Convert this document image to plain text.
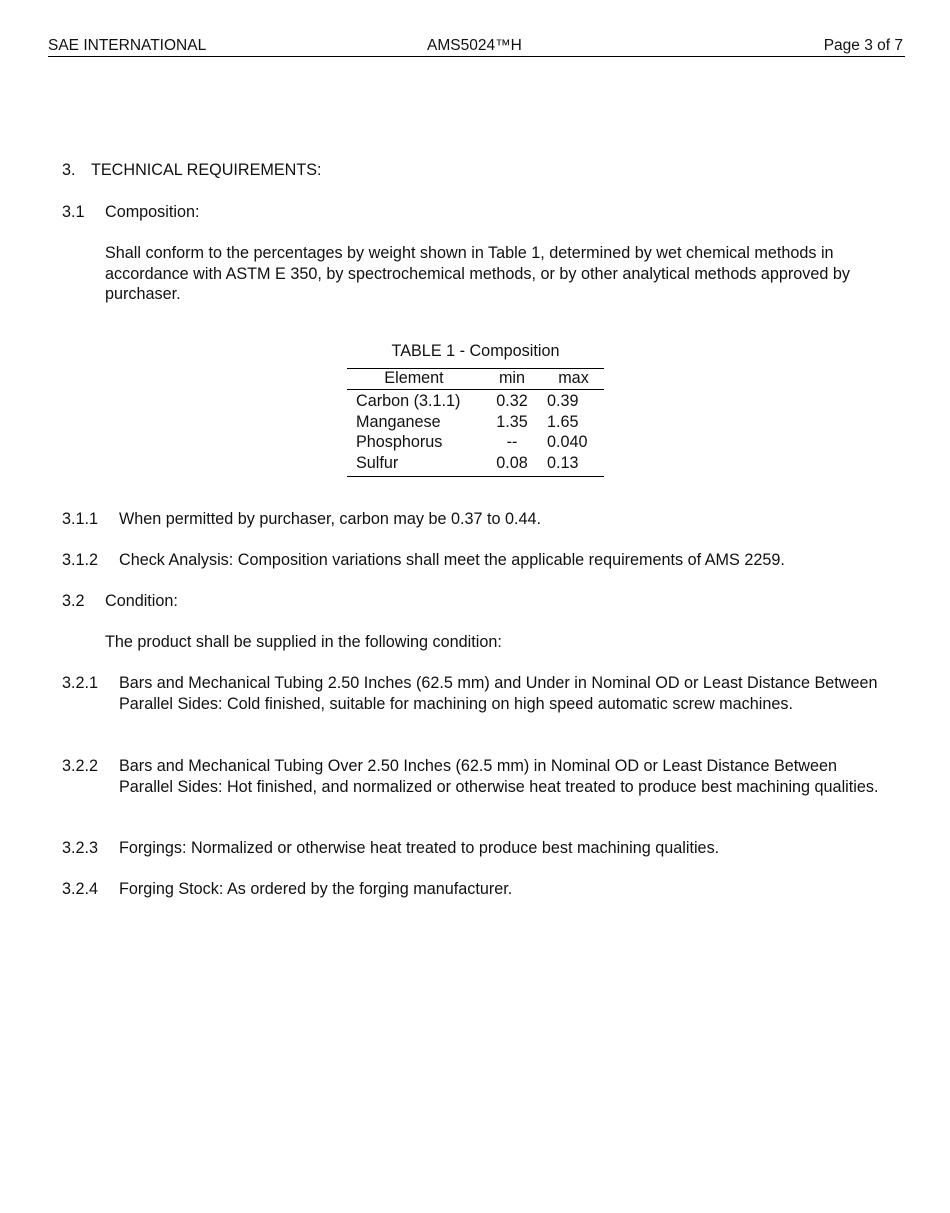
SAE INTERNATIONAL	AMS5024™H	Page 3 of 7
3. TECHNICAL REQUIREMENTS:
3.1 Composition:
Shall conform to the percentages by weight shown in Table 1, determined by wet chemical methods in accordance with ASTM E 350, by spectrochemical methods, or by other analytical methods approved by purchaser.
TABLE 1 - Composition
Element	min	max
Carbon (3.1.1)	0.32	0.39
Manganese	1.35	1.65
Phosphorus	--	0.040
Sulfur	0.08	0.13
3.1.1 When permitted by purchaser, carbon may be 0.37 to 0.44.
3.1.2 Check Analysis: Composition variations shall meet the applicable requirements of AMS 2259.
3.2 Condition:
The product shall be supplied in the following condition:
3.2.1 Bars and Mechanical Tubing 2.50 Inches (62.5 mm) and Under in Nominal OD or Least Distance Between Parallel Sides: Cold finished, suitable for machining on high speed automatic screw machines.
3.2.2 Bars and Mechanical Tubing Over 2.50 Inches (62.5 mm) in Nominal OD or Least Distance Between Parallel Sides: Hot finished, and normalized or otherwise heat treated to produce best machining qualities.
3.2.3 Forgings: Normalized or otherwise heat treated to produce best machining qualities.
3.2.4 Forging Stock: As ordered by the forging manufacturer.
